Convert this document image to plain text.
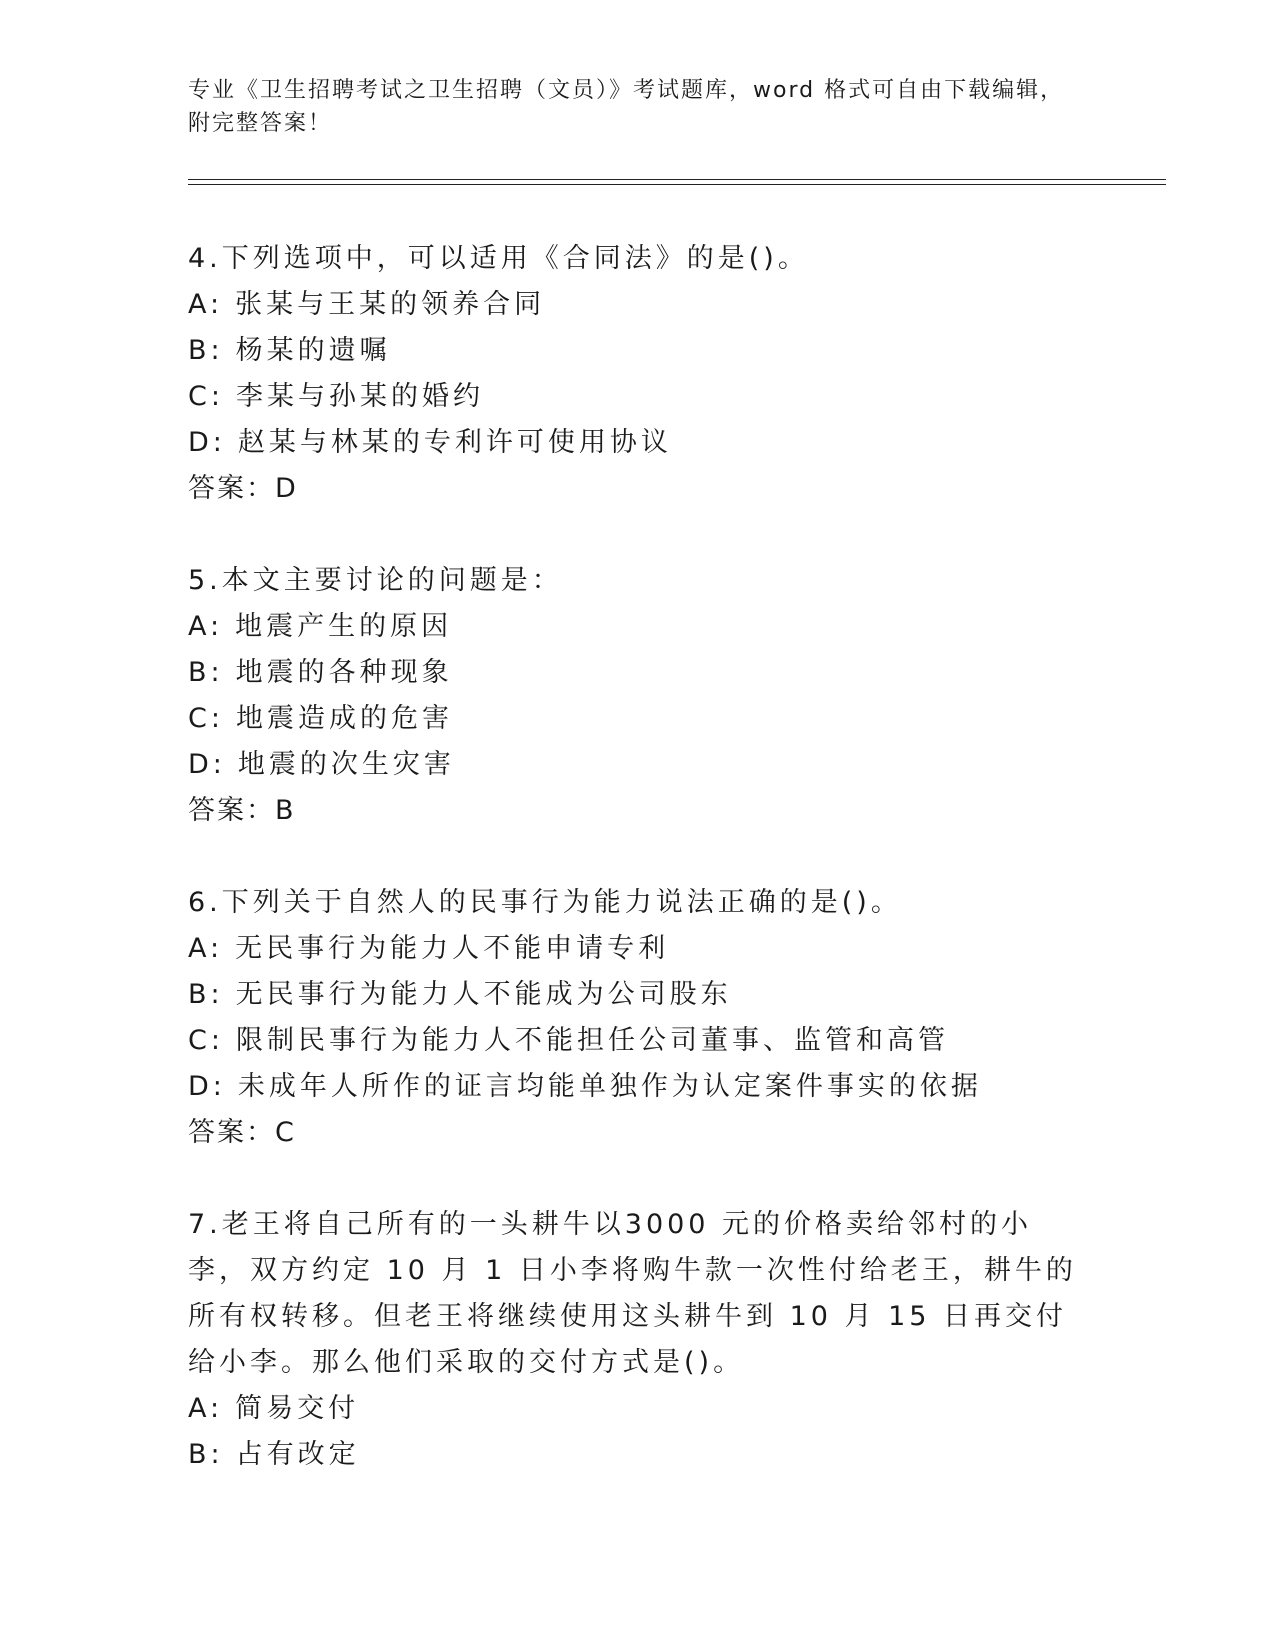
专业《卫生招聘考试之卫生招聘（文员）》考试题库，word 格式可自由下载编辑，附完整答案！
4.下列选项中，可以适用《合同法》的是()。
A: 张某与王某的领养合同
B: 杨某的遗嘱
C: 李某与孙某的婚约
D: 赵某与林某的专利许可使用协议
答案：D
5.本文主要讨论的问题是：
A: 地震产生的原因
B: 地震的各种现象
C: 地震造成的危害
D: 地震的次生灾害
答案：B
6.下列关于自然人的民事行为能力说法正确的是()。
A: 无民事行为能力人不能申请专利
B: 无民事行为能力人不能成为公司股东
C: 限制民事行为能力人不能担任公司董事、监管和高管
D: 未成年人所作的证言均能单独作为认定案件事实的依据
答案：C
7.老王将自己所有的一头耕牛以3000 元的价格卖给邻村的小李，双方约定 10 月 1 日小李将购牛款一次性付给老王，耕牛的所有权转移。但老王将继续使用这头耕牛到 10 月 15 日再交付给小李。那么他们采取的交付方式是()。
A: 简易交付
B: 占有改定
